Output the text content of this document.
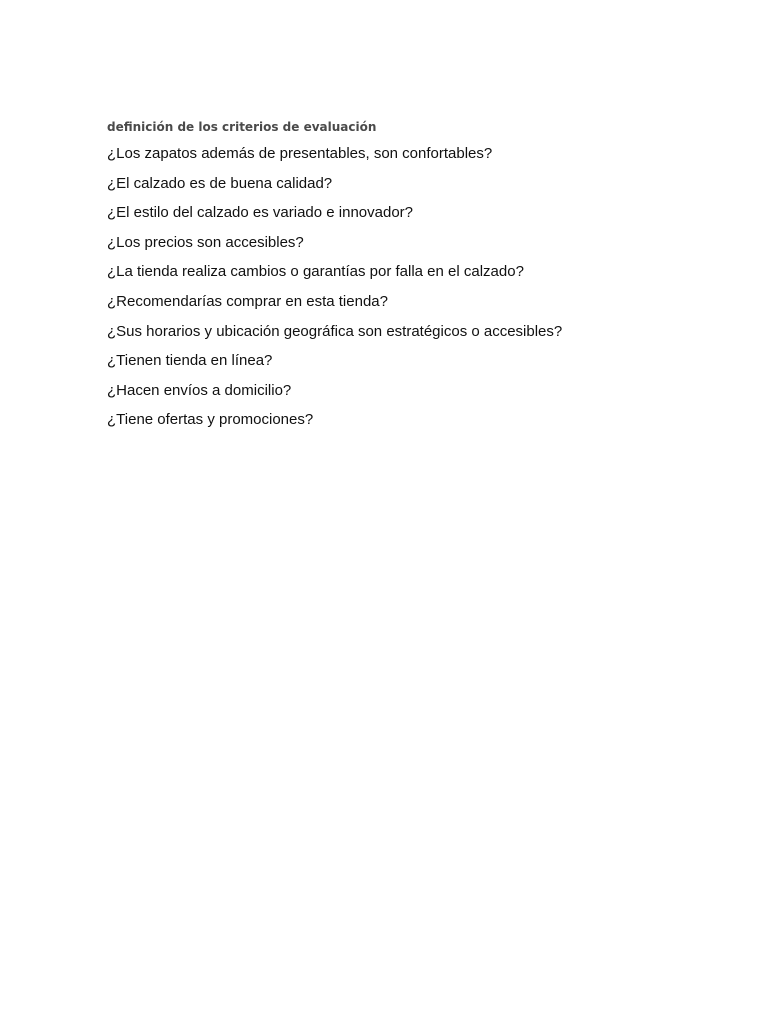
definición de los criterios de evaluación
¿Los zapatos además de presentables, son confortables?
¿El calzado es de buena calidad?
¿El estilo del calzado es variado e innovador?
¿Los precios son accesibles?
¿La tienda realiza cambios o garantías por falla en el calzado?
¿Recomendarías comprar en esta tienda?
¿Sus horarios y ubicación geográfica son estratégicos o accesibles?
¿Tienen tienda en línea?
¿Hacen envíos a domicilio?
¿Tiene ofertas y promociones?
